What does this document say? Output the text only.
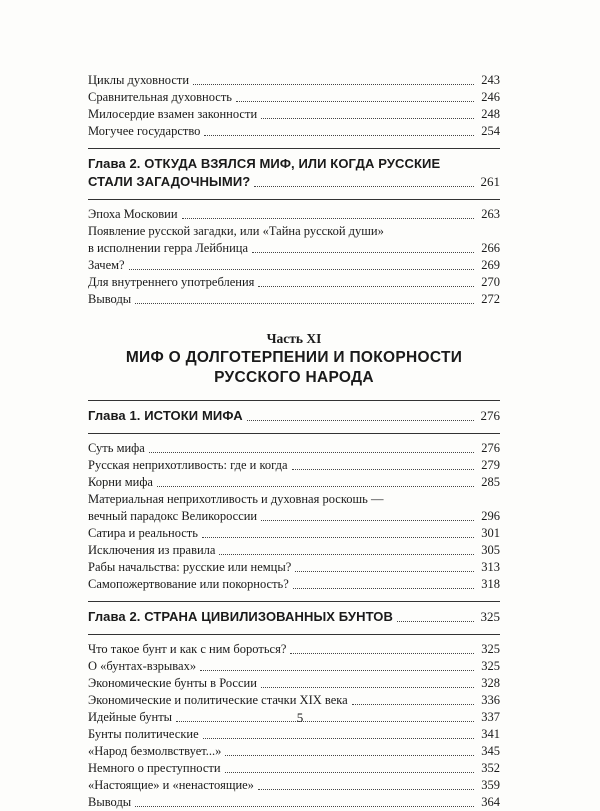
Циклы духовности	243
Сравнительная духовность	246
Милосердие взамен законности	248
Могучее государство	254
Глава 2. ОТКУДА ВЗЯЛСЯ МИФ, ИЛИ КОГДА РУССКИЕ
СТАЛИ ЗАГАДОЧНЫМИ?	261
Эпоха Московии	263
Появление русской загадки, или «Тайна русской души»
в исполнении герра Лейбница	266
Зачем?	269
Для внутреннего употребления	270
Выводы	272
Часть XI
МИФ О ДОЛГОТЕРПЕНИИ И ПОКОРНОСТИ
РУССКОГО НАРОДА
Глава 1. ИСТОКИ МИФА	276
Суть мифа	276
Русская неприхотливость: где и когда	279
Корни мифа	285
Материальная неприхотливость и духовная роскошь —
вечный парадокс Великороссии	296
Сатира и реальность	301
Исключения из правила	305
Рабы начальства: русские или немцы?	313
Самопожертвование или покорность?	318
Глава 2. СТРАНА ЦИВИЛИЗОВАННЫХ БУНТОВ	325
Что такое бунт и как с ним бороться?	325
О «бунтах-взрывах»	325
Экономические бунты в России	328
Экономические и политические стачки XIX века	336
Идейные бунты	337
Бунты политические	341
«Народ безмолвствует...»	345
Немного о преступности	352
«Настоящие» и «ненастоящие»	359
Выводы	364
5
